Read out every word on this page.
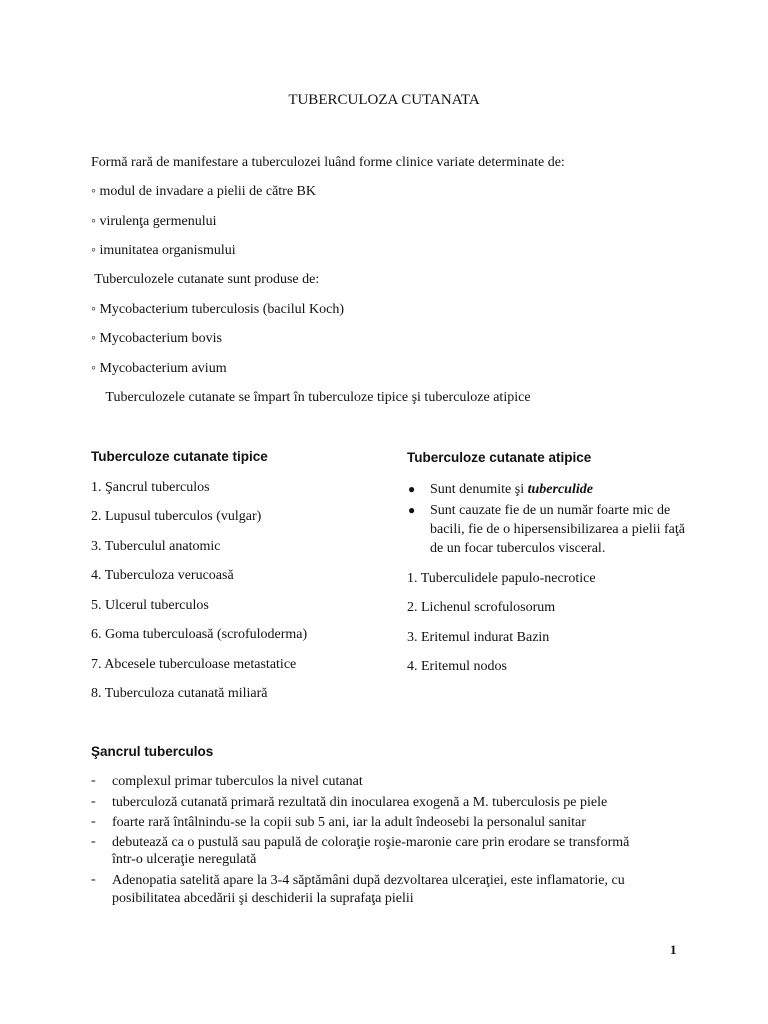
TUBERCULOZA CUTANATA
Formă rară de manifestare a tuberculozei luând forme clinice variate determinate de:
◦ modul de invadare a pielii de către BK
◦ virulenţa germenului
◦ imunitatea organismului
Tuberculozele cutanate sunt produse de:
◦ Mycobacterium tuberculosis (bacilul Koch)
◦ Mycobacterium bovis
◦ Mycobacterium avium
Tuberculozele cutanate se împart în tuberculoze tipice şi tuberculoze atipice
Tuberculoze cutanate tipice
1. Şancrul tuberculos
2. Lupusul tuberculos (vulgar)
3. Tuberculul anatomic
4. Tuberculoza verucoasă
5. Ulcerul tuberculos
6. Goma tuberculoasă (scrofuloderma)
7. Abcesele tuberculoase metastatice
8. Tuberculoza cutanată miliară
Tuberculoze cutanate atipice
● Sunt denumite şi tuberculide
● Sunt cauzate fie de un număr foarte mic de
bacili, fie de o hipersensibilizarea a pielii faţă
de un focar tuberculos visceral.
1. Tuberculidele papulo-necrotice
2. Lichenul scrofulosorum
3. Eritemul indurat Bazin
4. Eritemul nodos
Şancrul tuberculos
- complexul primar tuberculos la nivel cutanat
- tuberculoză cutanată primară rezultată din inocularea exogenă a M. tuberculosis pe piele
- foarte rară întâlnindu-se la copii sub 5 ani, iar la adult îndeosebi la personalul sanitar
- debutează ca o pustulă sau papulă de coloraţie roşie-maronie care prin erodare se transformă
într-o ulceraţie neregulată
- Adenopatia satelită apare la 3-4 săptămâni după dezvoltarea ulceraţiei, este inflamatorie, cu
posibilitatea abcedării şi deschiderii la suprafaţa pielii
1
